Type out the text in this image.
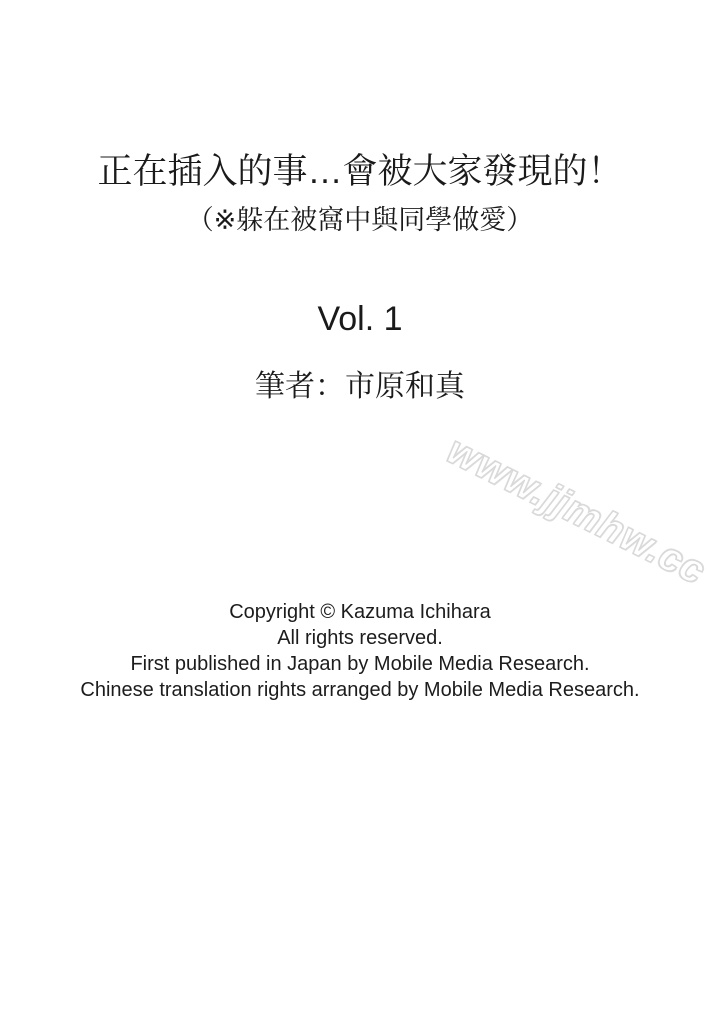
正在插入的事…會被大家發現的！
（※躲在被窩中與同學做愛）
Vol. 1
筆者：市原和真
www.jjmhw.cc
Copyright © Kazuma Ichihara
All rights reserved.
First published in Japan by Mobile Media Research.
Chinese translation rights arranged by Mobile Media Research.
